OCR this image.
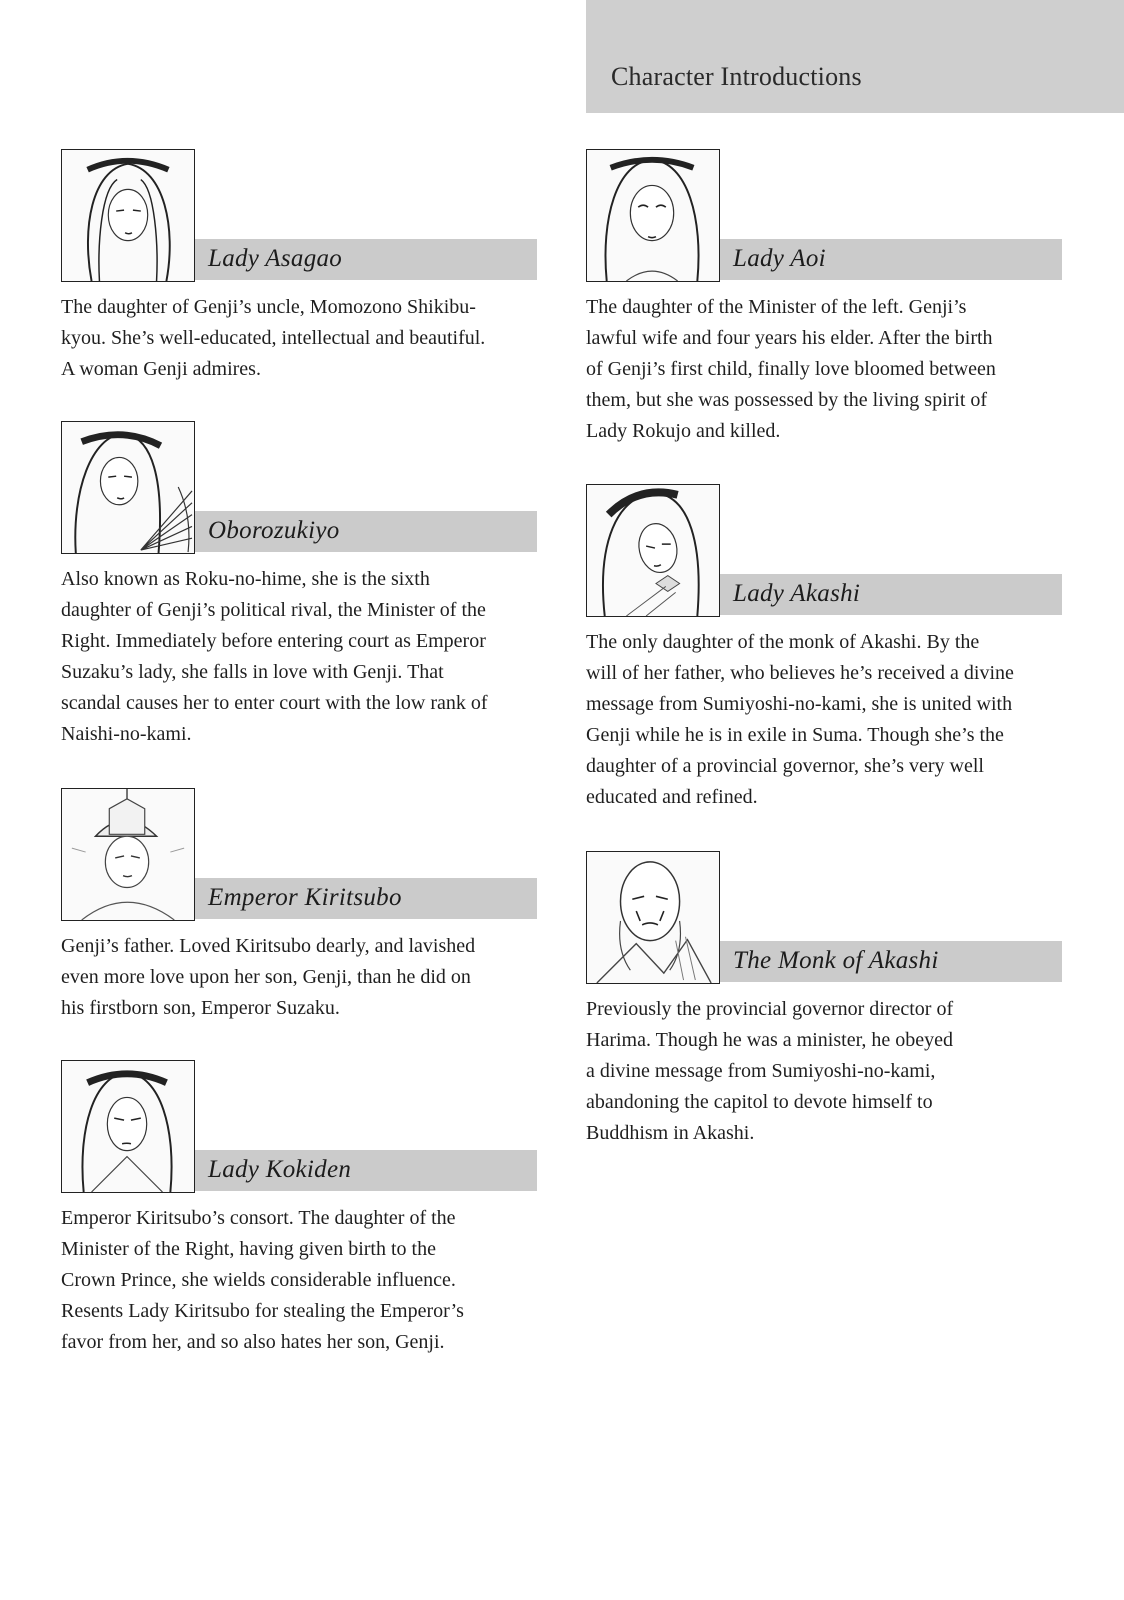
Character Introductions
Lady Asagao
The daughter of Genji’s uncle, Momozono Shikibu-
kyou. She’s well-educated, intellectual and beautiful.
A woman Genji admires.
Oborozukiyo
Also known as Roku-no-hime, she is the sixth
daughter of Genji’s political rival, the Minister of the
Right. Immediately before entering court as Emperor
Suzaku’s lady, she falls in love with Genji. That
scandal causes her to enter court with the low rank of
Naishi-no-kami.
Emperor Kiritsubo
Genji’s father. Loved Kiritsubo dearly, and lavished
even more love upon her son, Genji, than he did on
his firstborn son, Emperor Suzaku.
Lady Kokiden
Emperor Kiritsubo’s consort. The daughter of the
Minister of the Right, having given birth to the
Crown Prince, she wields considerable influence.
Resents Lady Kiritsubo for stealing the Emperor’s
favor from her, and so also hates her son, Genji.
Lady Aoi
The daughter of the Minister of the left. Genji’s
lawful wife and four years his elder. After the birth
of Genji’s first child, finally love bloomed between
them, but she was possessed by the living spirit of
Lady Rokujo and killed.
Lady Akashi
The only daughter of the monk of Akashi. By the
will of her father, who believes he’s received a divine
message from Sumiyoshi-no-kami, she is united with
Genji while he is in exile in Suma. Though she’s the
daughter of a provincial governor, she’s very well
educated and refined.
The Monk of Akashi
Previously the provincial governor director of
Harima. Though he was a minister, he obeyed
a divine message from Sumiyoshi-no-kami,
abandoning the capitol to devote himself to
Buddhism in Akashi.
